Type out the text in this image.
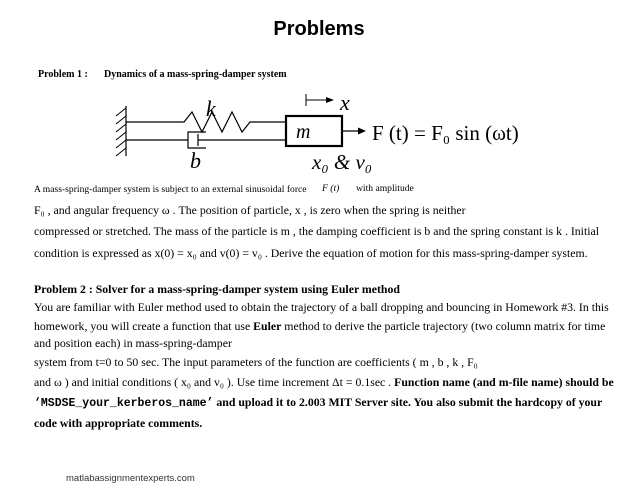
Problems
Problem 1 : Dynamics of a mass-spring-damper system
k
b
m
x
F (t) = F₀ sin (ωt)
x₀ & v₀
A mass-spring-damper system is subject to an external sinusoidal force F (t) with amplitude
F₀ , and angular frequency ω . The position of particle, x , is zero when the spring is neither
compressed or stretched. The mass of the particle is m , the damping coefficient is b and the spring constant is k . Initial
condition is expressed as x(0) = x₀ and v(0) = v₀ . Derive the equation of motion for this mass-spring-damper system.
Problem 2 : Solver for a mass-spring-damper system using Euler method
You are familiar with Euler method used to obtain the trajectory of a ball dropping and bouncing in Homework #3. In this
homework, you will create a function that use Euler method to derive the particle trajectory (two column matrix for time
and position each) in mass-spring-damper
system from t=0 to 50 sec. The input parameters of the function are coefficients ( m , b , k , F₀
and ω ) and initial conditions ( x₀ and v₀ ). Use time increment Δt = 0.1sec . Function name (and m-file name) should be
‘MSDSE_your_kerberos_name’ and upload it to 2.003 MIT Server site. You also submit the hardcopy of your
code with appropriate comments.
matlabassignmentexperts.com
